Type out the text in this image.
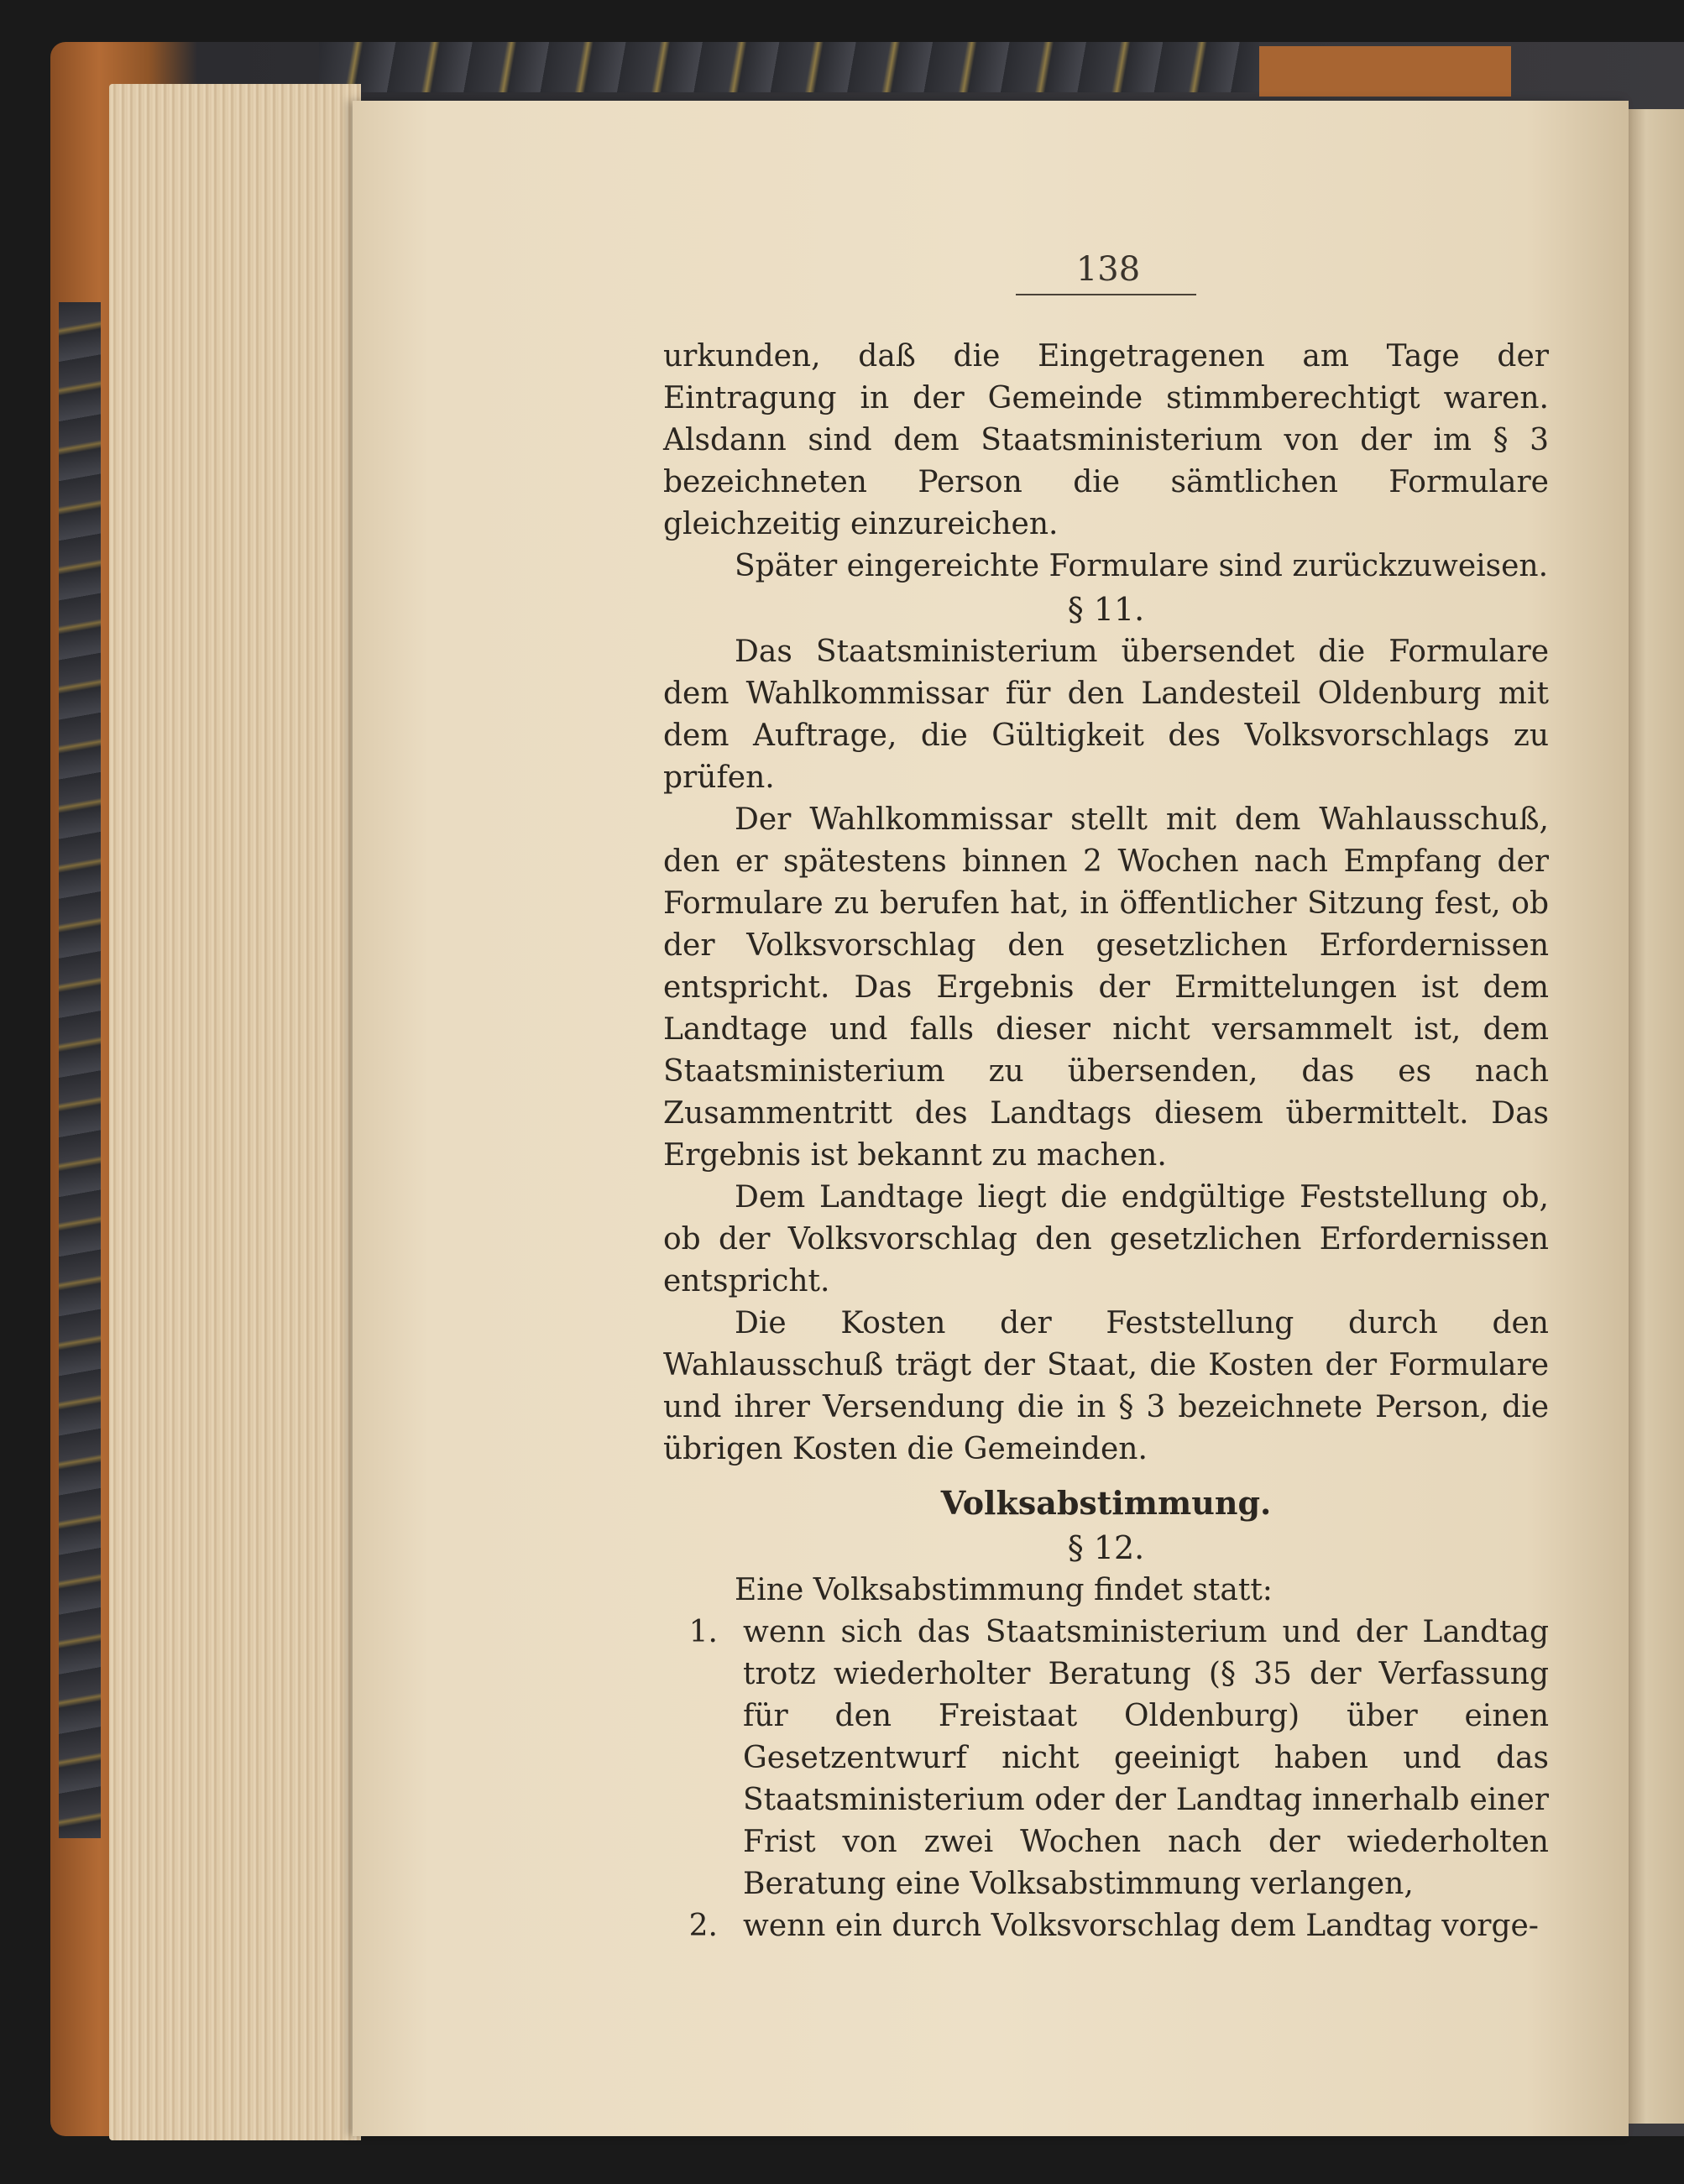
138

urkunden, daß die Eingetragenen am Tage der Eintragung in der Gemeinde stimmberechtigt waren. Alsdann sind dem Staatsministerium von der im § 3 bezeichneten Person die sämtlichen Formulare gleichzeitig einzureichen.

Später eingereichte Formulare sind zurückzuweisen.

§ 11.

Das Staatsministerium übersendet die Formulare dem Wahlkommissar für den Landesteil Oldenburg mit dem Auftrage, die Gültigkeit des Volksvorschlags zu prüfen.

Der Wahlkommissar stellt mit dem Wahlausschuß, den er spätestens binnen 2 Wochen nach Empfang der Formulare zu berufen hat, in öffentlicher Sitzung fest, ob der Volksvorschlag den gesetzlichen Erfordernissen entspricht. Das Ergebnis der Ermittelungen ist dem Landtage und falls dieser nicht versammelt ist, dem Staatsministerium zu übersenden, das es nach Zusammentritt des Landtags diesem übermittelt. Das Ergebnis ist bekannt zu machen.

Dem Landtage liegt die endgültige Feststellung ob, ob der Volksvorschlag den gesetzlichen Erfordernissen entspricht.

Die Kosten der Feststellung durch den Wahlausschuß trägt der Staat, die Kosten der Formulare und ihrer Versendung die in § 3 bezeichnete Person, die übrigen Kosten die Gemeinden.

Volksabstimmung.

§ 12.

Eine Volksabstimmung findet statt:

1. wenn sich das Staatsministerium und der Landtag trotz wiederholter Beratung (§ 35 der Verfassung für den Freistaat Oldenburg) über einen Gesetzentwurf nicht geeinigt haben und das Staatsministerium oder der Landtag innerhalb einer Frist von zwei Wochen nach der wiederholten Beratung eine Volksabstimmung verlangen,
2. wenn ein durch Volksvorschlag dem Landtag vorge-
